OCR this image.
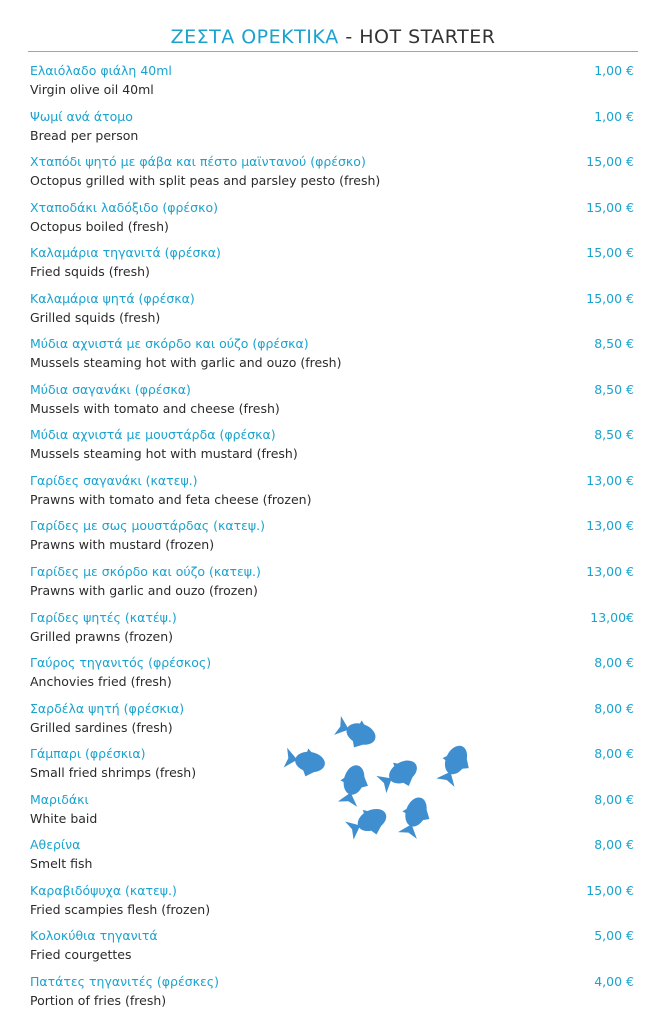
ΖΕΣΤΑ ΟΡΕΚΤΙΚΑ - HOT STARTER
Ελαιόλαδο φιάλη 40ml
Virgin olive oil 40ml
1,00 €
Ψωμί ανά άτομο
Bread per person
1,00 €
Χταπόδι ψητό με φάβα και πέστο μαϊντανού (φρέσκο)
Octopus grilled with split peas and parsley pesto (fresh)
15,00 €
Χταποδάκι λαδόξιδο (φρέσκο)
Octopus boiled (fresh)
15,00 €
Καλαμάρια τηγανιτά (φρέσκα)
Fried squids (fresh)
15,00 €
Καλαμάρια ψητά (φρέσκα)
Grilled squids (fresh)
15,00 €
Μύδια αχνιστά με σκόρδο και ούζο (φρέσκα)
Mussels steaming hot with garlic and ouzo (fresh)
8,50 €
Μύδια σαγανάκι (φρέσκα)
Mussels with tomato and cheese (fresh)
8,50 €
Μύδια αχνιστά με μουστάρδα (φρέσκα)
Mussels steaming hot with mustard (fresh)
8,50 €
Γαρίδες σαγανάκι (κατεψ.)
Prawns with tomato and feta cheese (frozen)
13,00 €
Γαρίδες με σως μουστάρδας (κατεψ.)
Prawns with mustard (frozen)
13,00 €
Γαρίδες με σκόρδο και ούζο (κατεψ.)
Prawns with garlic and ouzo (frozen)
13,00 €
Γαρίδες ψητές (κατέψ.)
Grilled prawns (frozen)
13,00€
Γαύρος τηγανιτός (φρέσκος)
Anchovies fried (fresh)
8,00 €
Σαρδέλα ψητή (φρέσκια)
Grilled sardines (fresh)
8,00 €
Γάμπαρι (φρέσκια)
Small fried shrimps (fresh)
8,00 €
Μαριδάκι
White baid
8,00 €
Αθερίνα
Smelt fish
8,00 €
Καραβιδόψυχα (κατεψ.)
Fried scampies flesh (frozen)
15,00 €
Κολοκύθια τηγανιτά
Fried courgettes
5,00 €
Πατάτες τηγανιτές (φρέσκες)
Portion of fries (fresh)
4,00 €
